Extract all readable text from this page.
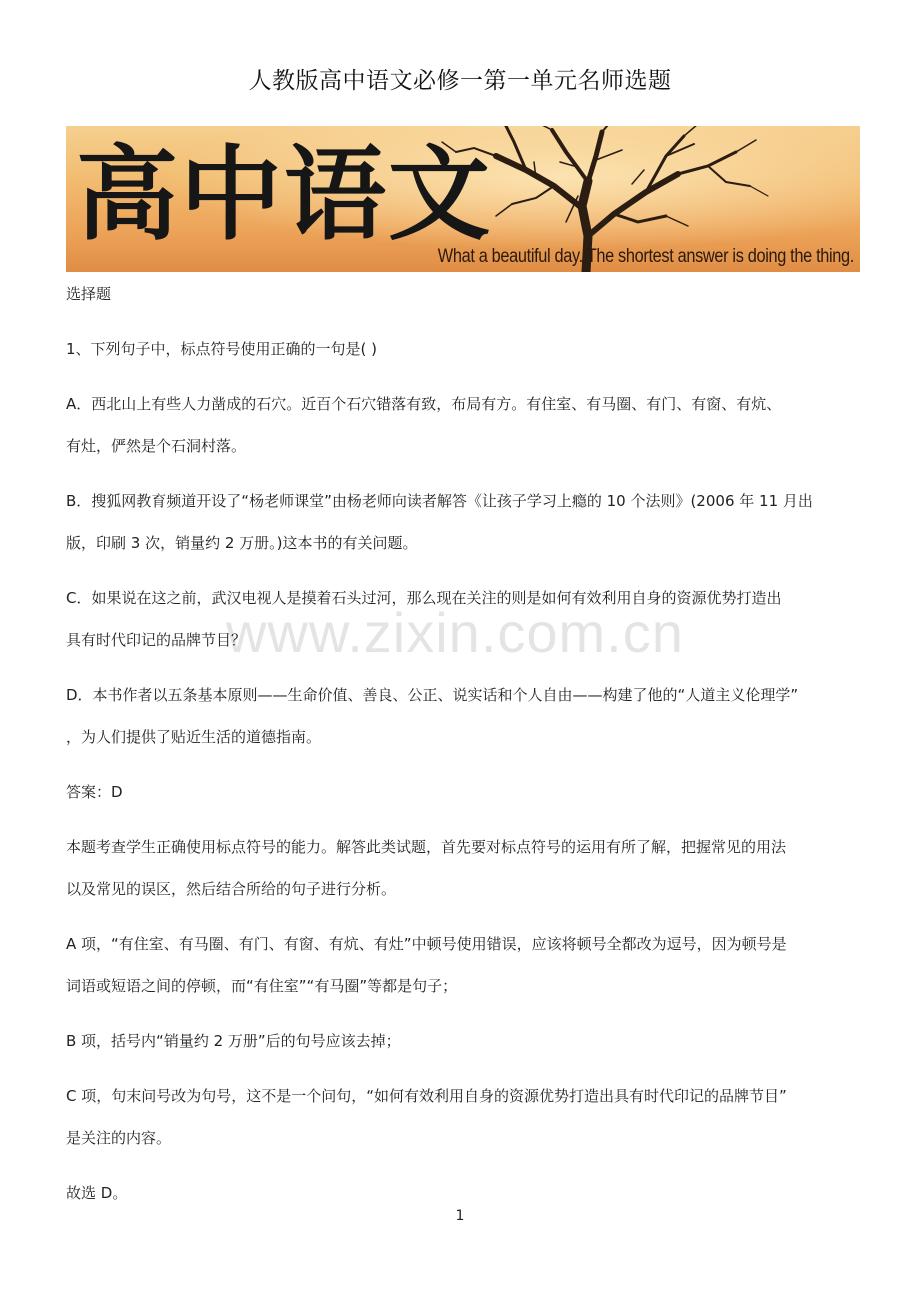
人教版高中语文必修一第一单元名师选题
高中语文
What a beautiful day. The shortest answer is doing the thing.
选择题
1、下列句子中，标点符号使用正确的一句是( )
A．西北山上有些人力凿成的石穴。近百个石穴错落有致，布局有方。有住室、有马圈、有门、有窗、有炕、
有灶，俨然是个石洞村落。
B．搜狐网教育频道开设了“杨老师课堂”由杨老师向读者解答《让孩子学习上瘾的 10 个法则》(2006 年 11 月出
版，印刷 3 次，销量约 2 万册。)这本书的有关问题。
C．如果说在这之前，武汉电视人是摸着石头过河，那么现在关注的则是如何有效利用自身的资源优势打造出
具有时代印记的品牌节目？
D．本书作者以五条基本原则——生命价值、善良、公正、说实话和个人自由——构建了他的“人道主义伦理学”
，为人们提供了贴近生活的道德指南。
答案：D
本题考查学生正确使用标点符号的能力。解答此类试题，首先要对标点符号的运用有所了解，把握常见的用法
以及常见的误区，然后结合所给的句子进行分析。
A 项，“有住室、有马圈、有门、有窗、有炕、有灶”中顿号使用错误，应该将顿号全都改为逗号，因为顿号是
词语或短语之间的停顿，而“有住室”“有马圈”等都是句子；
B 项，括号内“销量约 2 万册”后的句号应该去掉；
C 项，句末问号改为句号，这不是一个问句，“如何有效利用自身的资源优势打造出具有时代印记的品牌节目”
是关注的内容。
故选 D。
www.zixin.com.cn
1
